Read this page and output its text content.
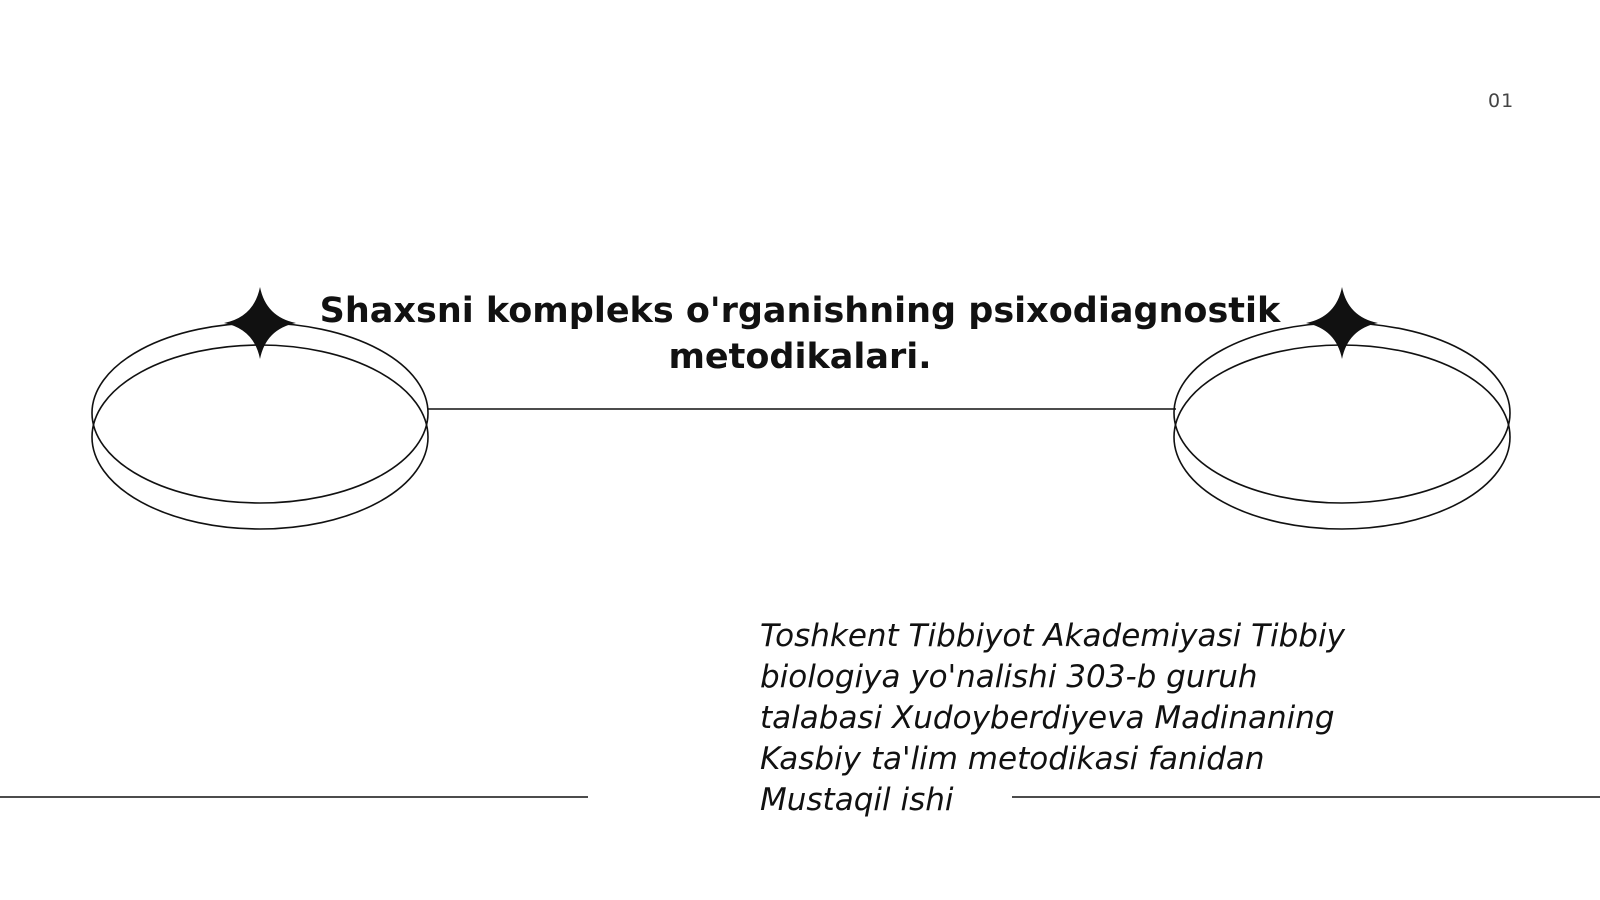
01
Shaxsni kompleks o'rganishning psixodiagnostik metodikalari.
Toshkent Tibbiyot Akademiyasi Tibbiy
biologiya yo'nalishi 303-b guruh
talabasi Xudoyberdiyeva Madinaning
Kasbiy ta'lim metodikasi fanidan
Mustaqil ishi
